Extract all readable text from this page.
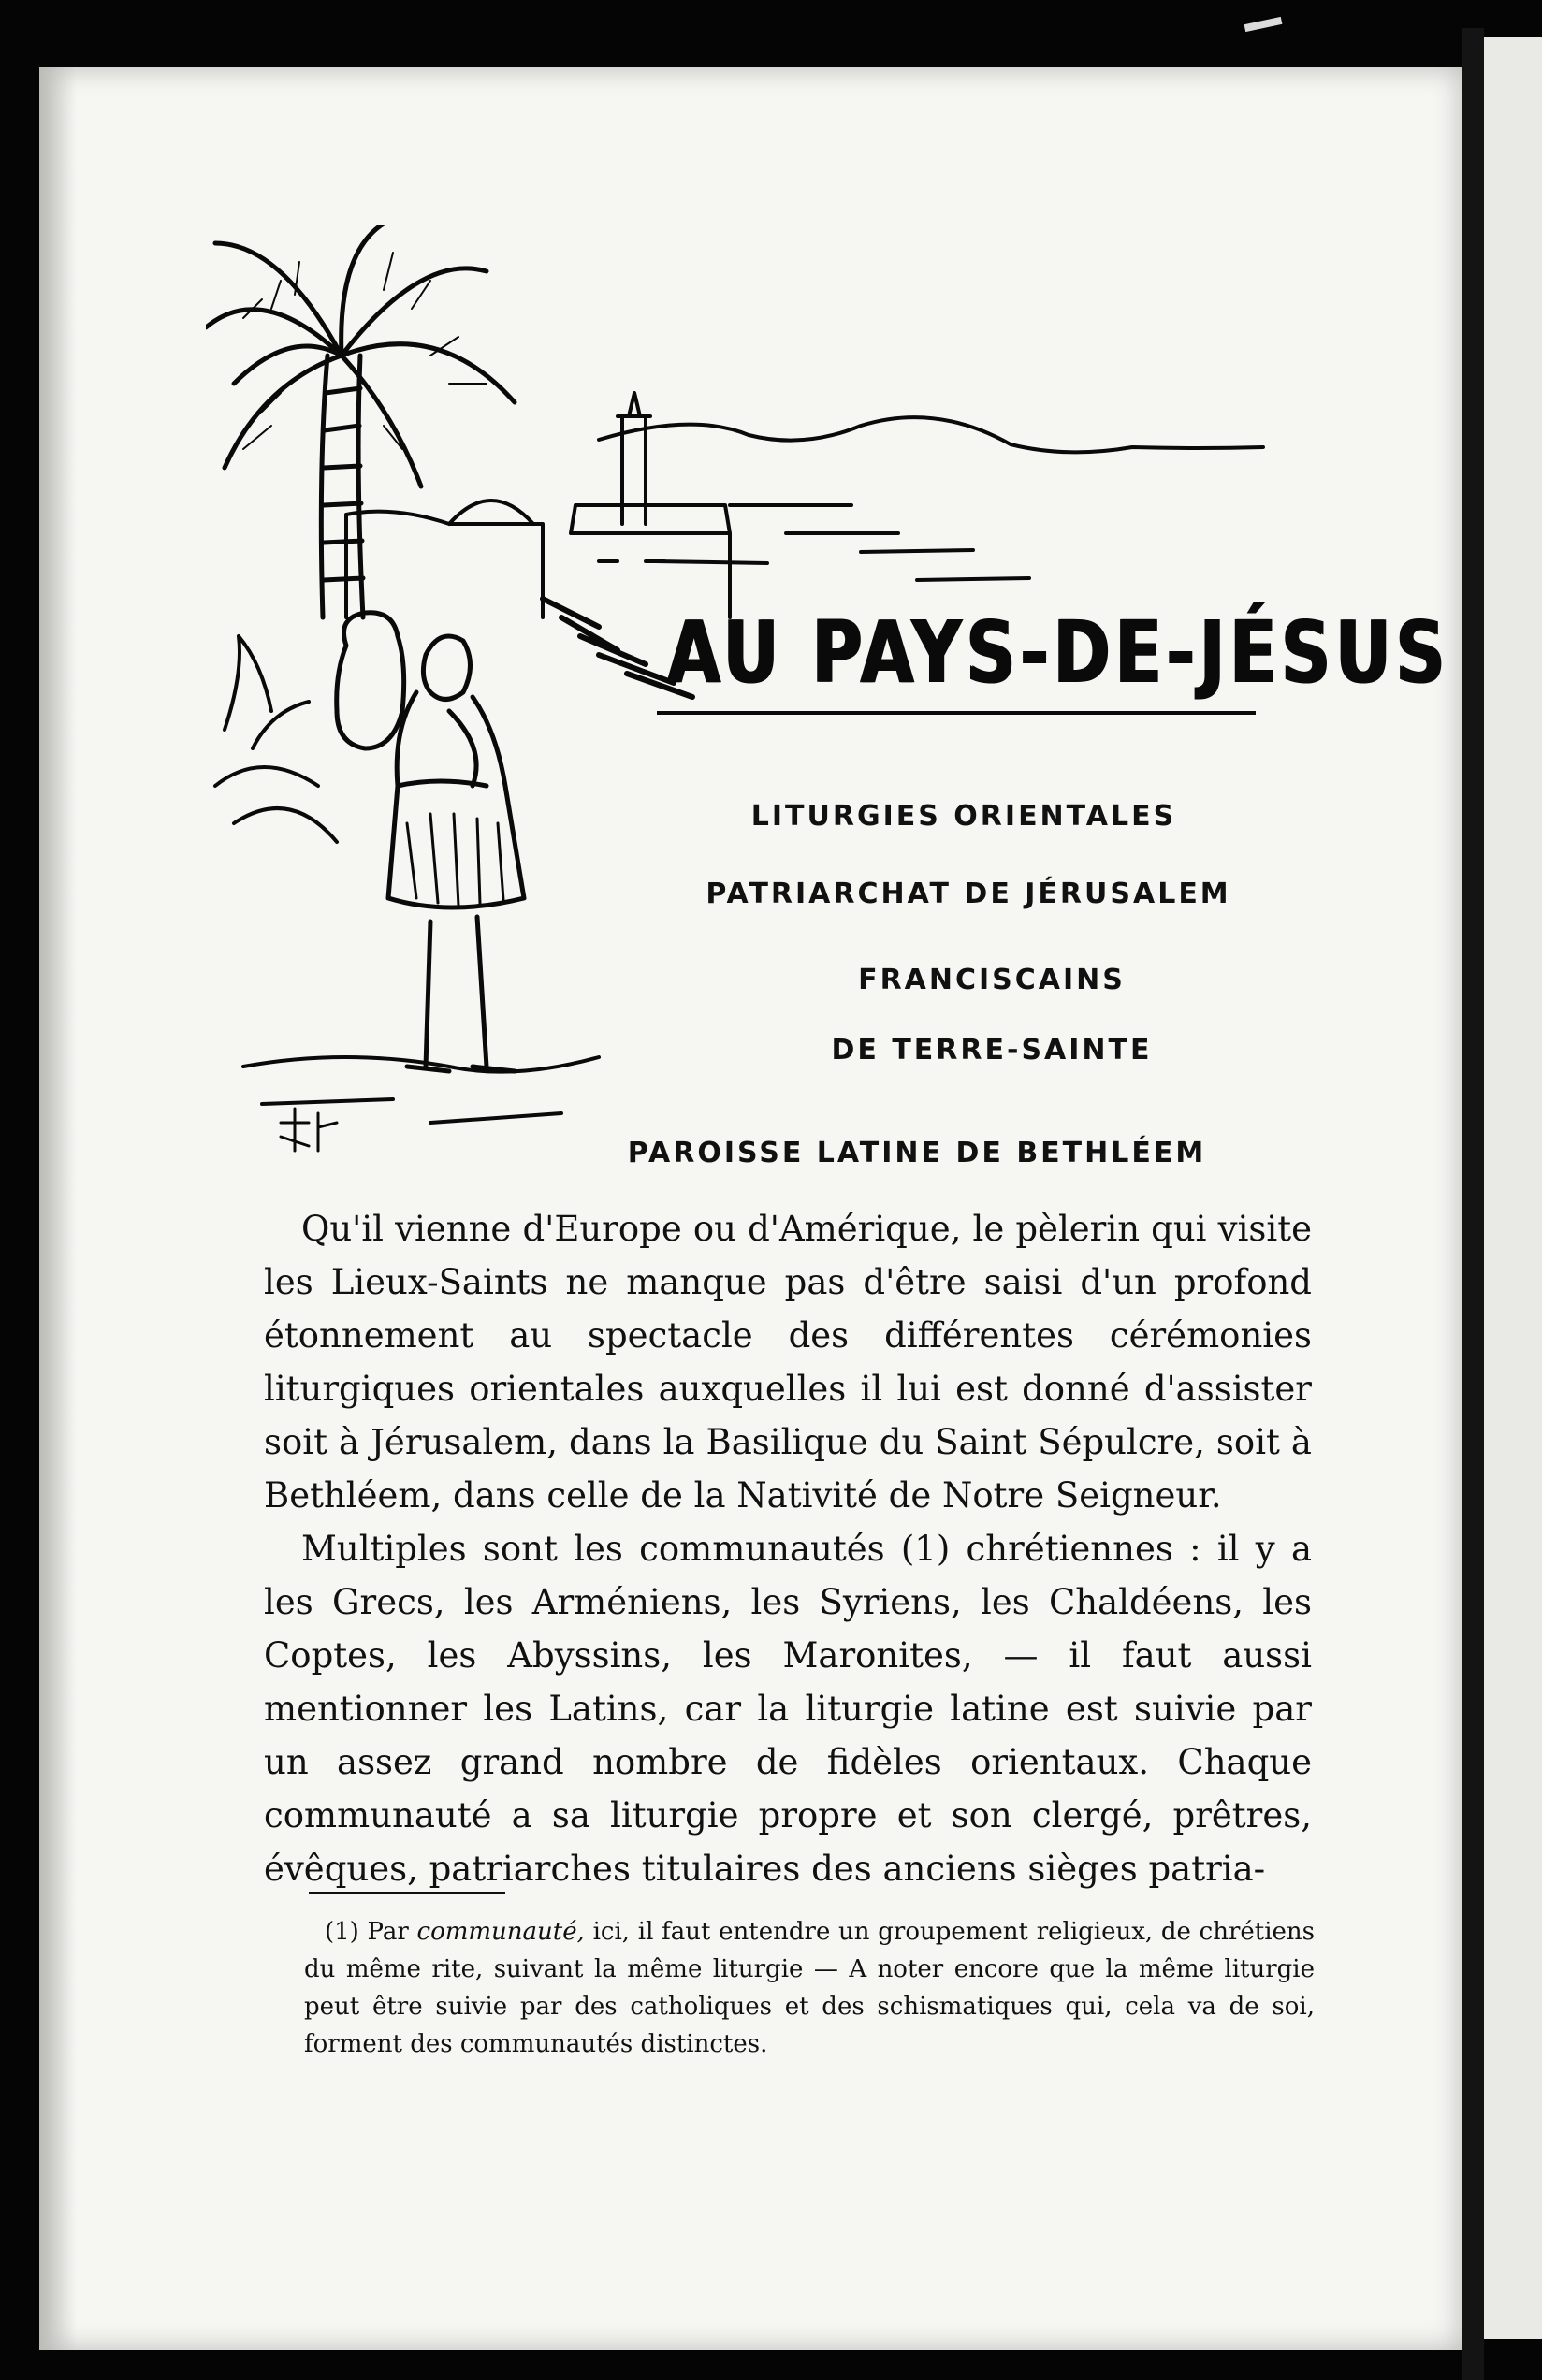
AU PAYS-DE-JÉSUS
LITURGIES ORIENTALES
PATRIARCHAT DE JÉRUSALEM
FRANCISCAINS
DE TERRE-SAINTE
PAROISSE LATINE DE BETHLÉEM

Qu'il vienne d'Europe ou d'Amérique, le pèlerin qui visite les Lieux-Saints ne manque pas d'être saisi d'un profond étonnement au spectacle des différentes cérémonies liturgiques orientales auxquelles il lui est donné d'assister soit à Jérusalem, dans la Basilique du Saint Sépulcre, soit à Bethléem, dans celle de la Nativité de Notre Seigneur.

Multiples sont les communautés (1) chrétiennes : il y a les Grecs, les Arméniens, les Syriens, les Chaldéens, les Coptes, les Abyssins, les Maronites, — il faut aussi mentionner les Latins, car la liturgie latine est suivie par un assez grand nombre de fidèles orientaux. Chaque communauté a sa liturgie propre et son clergé, prêtres, évêques, patriarches titulaires des anciens sièges patria-

(1) Par communauté, ici, il faut entendre un groupement religieux, de chrétiens du même rite, suivant la même liturgie — A noter encore que la même liturgie peut être suivie par des catholiques et des schismatiques qui, cela va de soi, forment des communautés distinctes.
